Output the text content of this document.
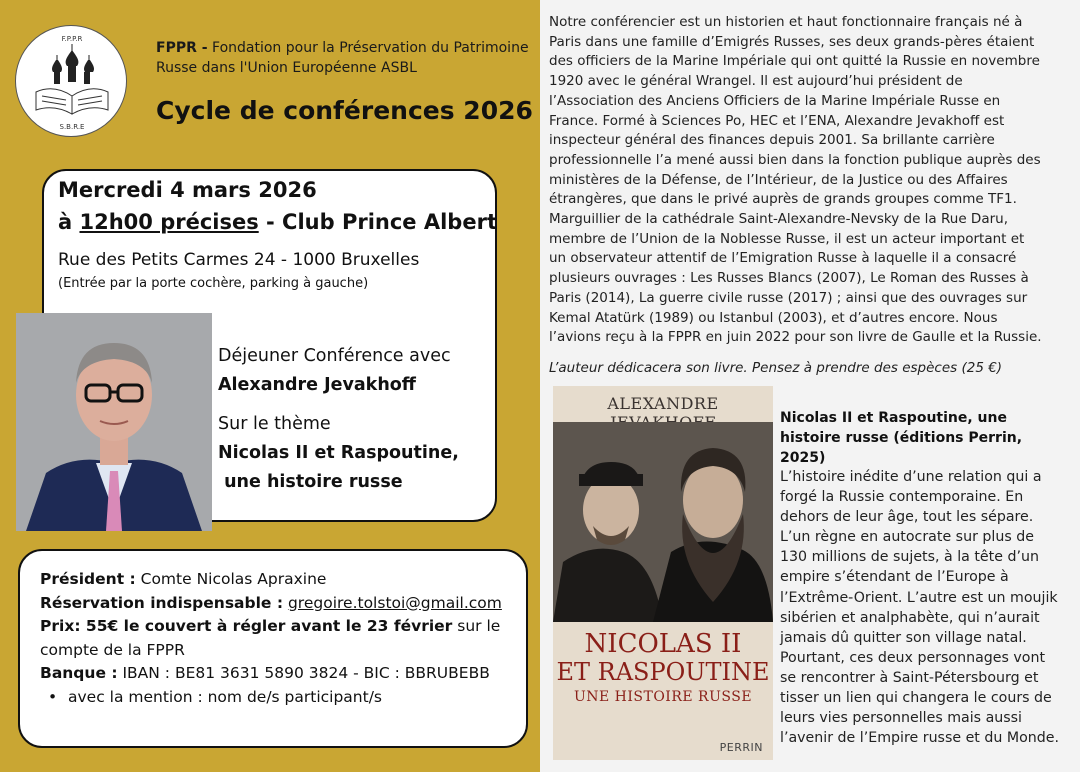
F.P.P.R
S.B.R.E
FPPR - Fondation pour la Préservation du Patrimoine Russe dans l'Union Européenne ASBL
Cycle de conférences 2026
Mercredi 4 mars 2026
à 12h00 précises - Club Prince Albert
Rue des Petits Carmes 24 - 1000 Bruxelles
(Entrée par la porte cochère, parking à gauche)
Déjeuner Conférence avec
Alexandre Jevakhoff
Sur le thème
Nicolas II et Raspoutine,
une histoire russe
Président : Comte Nicolas Apraxine
Réservation indispensable : gregoire.tolstoi@gmail.com
Prix: 55€ le couvert à régler avant le 23 février sur le compte de la FPPR
Banque : IBAN : BE81 3631 5890 3824 - BIC : BBRUBEBB
• avec la mention : nom de/s participant/s
Notre conférencier est un historien et haut fonctionnaire français né à Paris dans une famille d’Emigrés Russes, ses deux grands-pères étaient des officiers de la Marine Impériale qui ont quitté la Russie en novembre 1920 avec le général Wrangel. Il est aujourd’hui président de l’Association des Anciens Officiers de la Marine Impériale Russe en France. Formé à Sciences Po, HEC et l’ENA, Alexandre Jevakhoff est inspecteur général des finances depuis 2001. Sa brillante carrière professionnelle l’a mené aussi bien dans la fonction publique auprès des ministères de la Défense, de l’Intérieur, de la Justice ou des Affaires étrangères, que dans le privé auprès de grands groupes comme TF1. Marguillier de la cathédrale Saint-Alexandre-Nevsky de la Rue Daru, membre de l’Union de la Noblesse Russe, il est un acteur important et un observateur attentif de l’Emigration Russe à laquelle il a consacré plusieurs ouvrages : Les Russes Blancs (2007), Le Roman des Russes à Paris (2014), La guerre civile russe (2017) ; ainsi que des ouvrages sur Kemal Atatürk (1989) ou Istanbul (2003), et d’autres encore. Nous l’avions reçu à la FPPR en juin 2022 pour son livre de Gaulle et la Russie.
L’auteur dédicacera son livre. Pensez à prendre des espèces (25 €)
ALEXANDRE
NICOLAS II
ET RASPOUTINE
UNE HISTOIRE RUSSE
PERRIN
Nicolas II et Raspoutine, une histoire russe (éditions Perrin, 2025)
L’histoire inédite d’une relation qui a forgé la Russie contemporaine. En dehors de leur âge, tout les sépare. L’un règne en autocrate sur plus de 130 millions de sujets, à la tête d’un empire s’étendant de l’Europe à l’Extrême-Orient. L’autre est un moujik sibérien et analphabète, qui n’aurait jamais dû quitter son village natal. Pourtant, ces deux personnages vont se rencontrer à Saint-Pétersbourg et tisser un lien qui changera le cours de leurs vies personnelles mais aussi l’avenir de l’Empire russe et du Monde.
